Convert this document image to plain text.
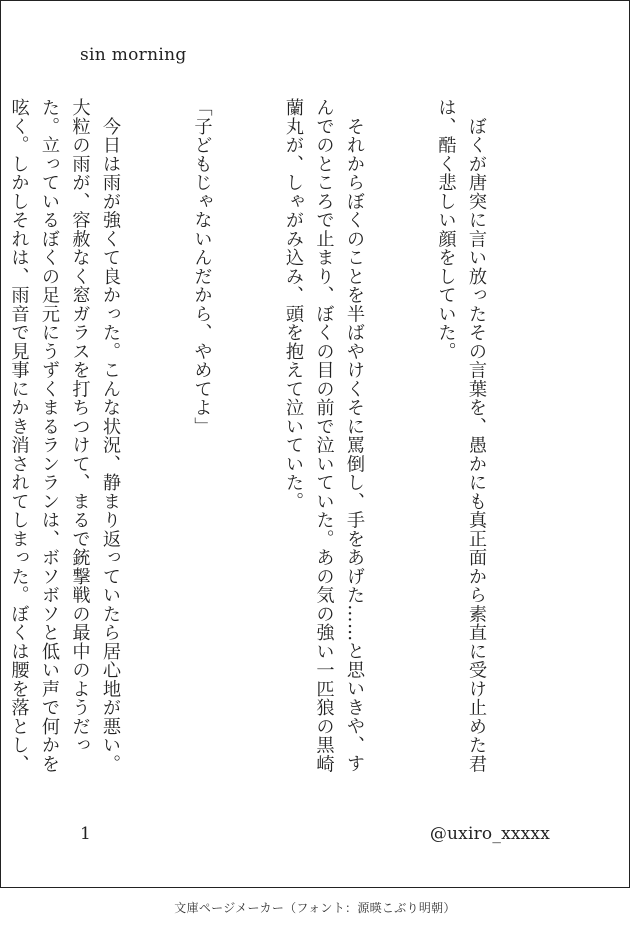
sin morning

　ぼくが唐突に言い放ったその言葉を、愚かにも真正面から素直に受け止めた君は、酷く悲しい顔をしていた。

　それからぼくのことを半ばやけくそに罵倒し、手をあげた……と思いきや、すんでのところで止まり、ぼくの目の前で泣いていた。あの気の強い一匹狼の黒崎蘭丸が、しゃがみ込み、頭を抱えて泣いていた。

「子どもじゃないんだから、やめてよ」

　今日は雨が強くて良かった。こんな状況、静まり返っていたら居心地が悪い。大粒の雨が、容赦なく窓ガラスを打ちつけて、まるで銃撃戦の最中のようだった。立っているぼくの足元にうずくまるランランは、ボソボソと低い声で何かを呟く。しかしそれは、雨音で見事にかき消されてしまった。ぼくは腰を落とし、

1	@uxiro_xxxxx
文庫ページメーカー（フォント：源暎こぶり明朝）
